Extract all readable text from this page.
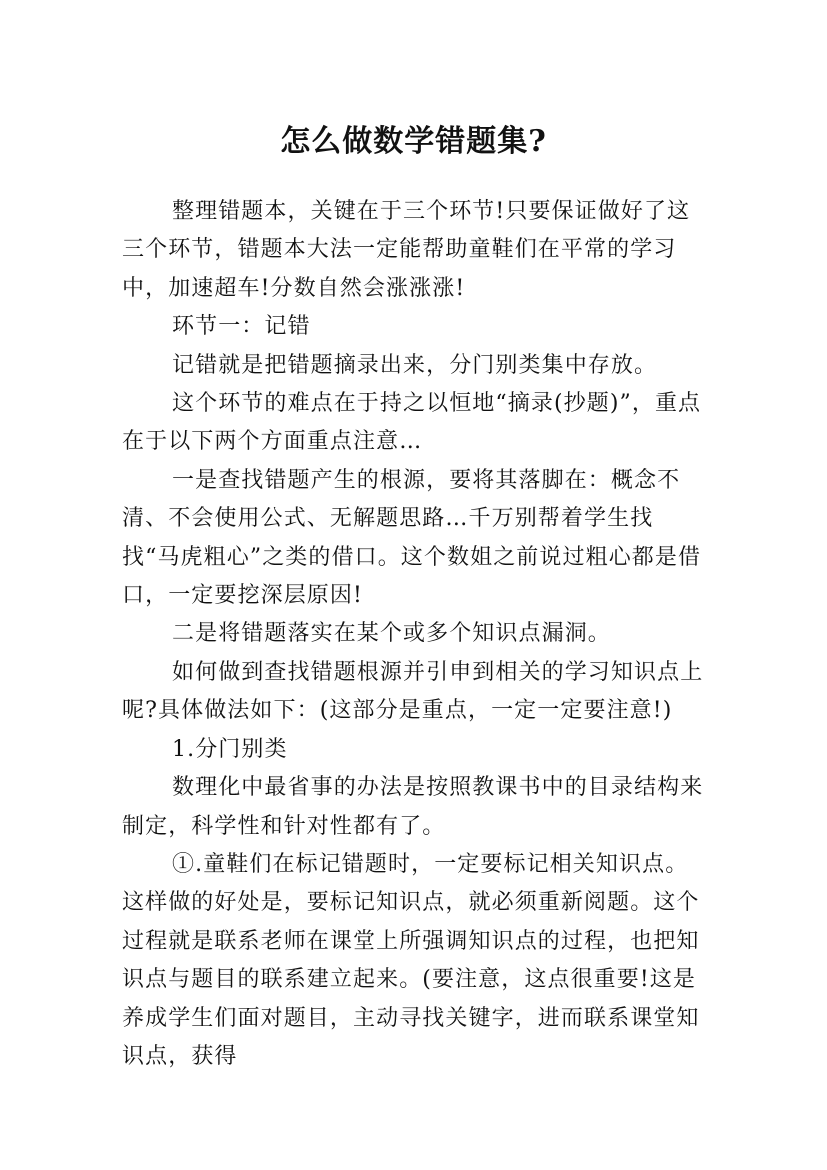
怎么做数学错题集?

整理错题本，关键在于三个环节!只要保证做好了这三个环节，错题本大法一定能帮助童鞋们在平常的学习中，加速超车!分数自然会涨涨涨!

环节一：记错

记错就是把错题摘录出来，分门别类集中存放。

这个环节的难点在于持之以恒地“摘录(抄题)”，重点在于以下两个方面重点注意…

一是查找错题产生的根源，要将其落脚在：概念不清、不会使用公式、无解题思路…千万别帮着学生找找“马虎粗心”之类的借口。这个数姐之前说过粗心都是借口，一定要挖深层原因!

二是将错题落实在某个或多个知识点漏洞。

如何做到查找错题根源并引申到相关的学习知识点上呢?具体做法如下：(这部分是重点，一定一定要注意!)

1.分门别类

数理化中最省事的办法是按照教课书中的目录结构来制定，科学性和针对性都有了。

①.童鞋们在标记错题时，一定要标记相关知识点。这样做的好处是，要标记知识点，就必须重新阅题。这个过程就是联系老师在课堂上所强调知识点的过程，也把知识点与题目的联系建立起来。(要注意，这点很重要!这是养成学生们面对题目，主动寻找关键字，进而联系课堂知识点，获得
